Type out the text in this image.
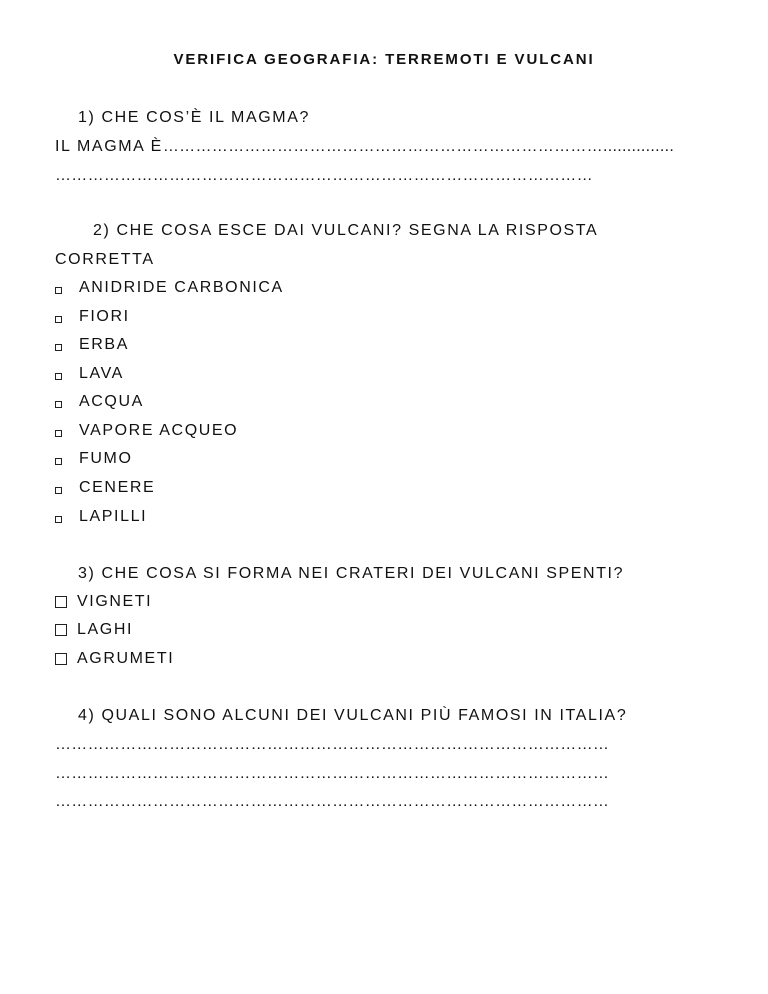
VERIFICA GEOGRAFIA: TERREMOTI E VULCANI
1) CHE COS’È IL MAGMA?
IL MAGMA È………………………………………………………………………...............
………………………………………………………………………………………
2) CHE COSA ESCE DAI VULCANI? SEGNA LA RISPOSTA
CORRETTA
ANIDRIDE CARBONICA
FIORI
ERBA
LAVA
ACQUA
VAPORE ACQUEO
FUMO
CENERE
LAPILLI
3) CHE COSA SI FORMA NEI CRATERI DEI VULCANI SPENTI?
VIGNETI
LAGHI
AGRUMETI
4) QUALI SONO ALCUNI DEI VULCANI PIÙ FAMOSI IN ITALIA?
…………………………………………………………………………………………
…………………………………………………………………………………………
…………………………………………………………………………………………
